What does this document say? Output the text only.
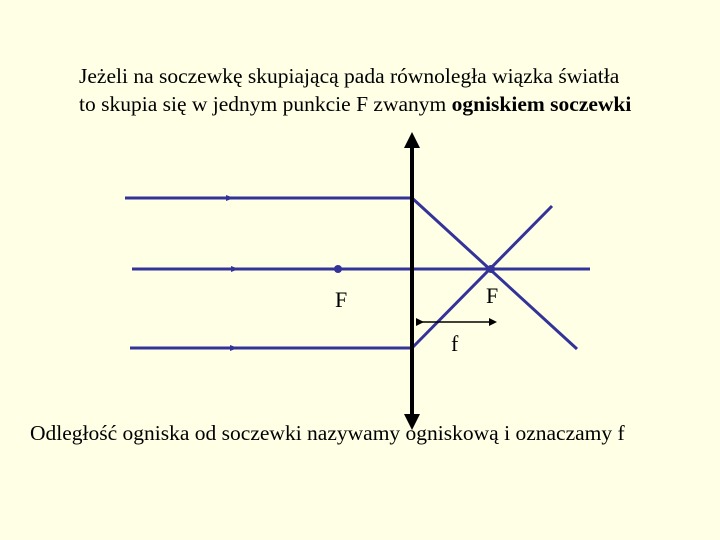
Jeżeli na soczewkę skupiającą pada równoległa wiązka światła
to skupia się w jednym punkcie F zwanym ogniskiem soczewki
F	F
f
Odległość ogniska od soczewki nazywamy ogniskową i oznaczamy f
